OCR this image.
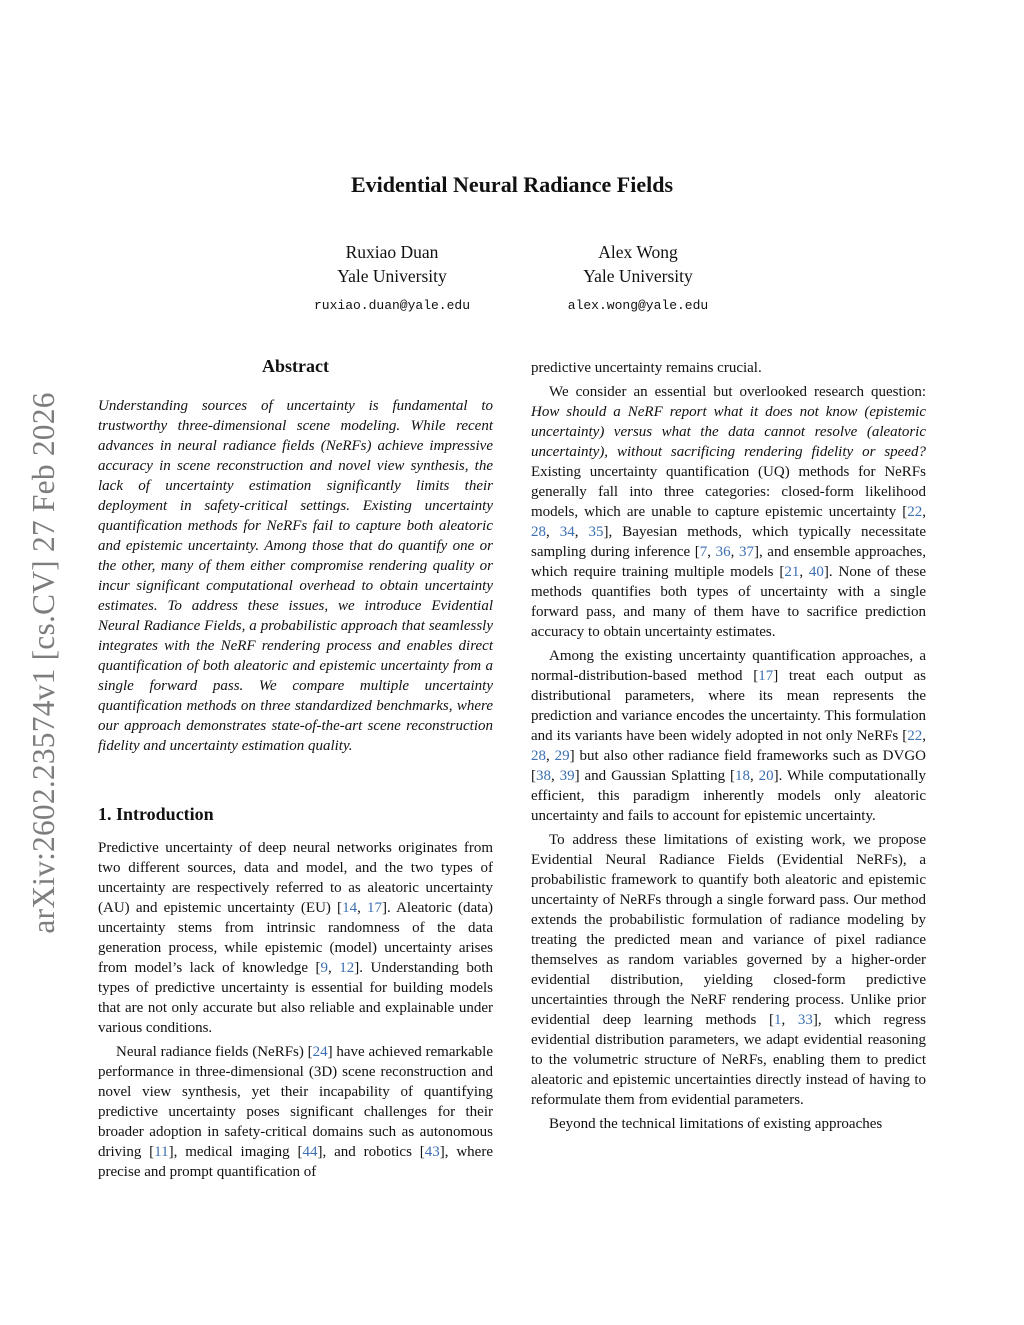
arXiv:2602.23574v1 [cs.CV] 27 Feb 2026
Evidential Neural Radiance Fields
Ruxiao Duan
Yale University
ruxiao.duan@yale.edu
Alex Wong
Yale University
alex.wong@yale.edu
Abstract

Understanding sources of uncertainty is fundamental to trustworthy three-dimensional scene modeling. While recent advances in neural radiance fields (NeRFs) achieve impressive accuracy in scene reconstruction and novel view synthesis, the lack of uncertainty estimation significantly limits their deployment in safety-critical settings. Existing uncertainty quantification methods for NeRFs fail to capture both aleatoric and epistemic uncertainty. Among those that do quantify one or the other, many of them either compromise rendering quality or incur significant computational overhead to obtain uncertainty estimates. To address these issues, we introduce Evidential Neural Radiance Fields, a probabilistic approach that seamlessly integrates with the NeRF rendering process and enables direct quantification of both aleatoric and epistemic uncertainty from a single forward pass. We compare multiple uncertainty quantification methods on three standardized benchmarks, where our approach demonstrates state-of-the-art scene reconstruction fidelity and uncertainty estimation quality.

1. Introduction

Predictive uncertainty of deep neural networks originates from two different sources, data and model, and the two types of uncertainty are respectively referred to as aleatoric uncertainty (AU) and epistemic uncertainty (EU) [14, 17]. Aleatoric (data) uncertainty stems from intrinsic randomness of the data generation process, while epistemic (model) uncertainty arises from model’s lack of knowledge [9, 12]. Understanding both types of predictive uncertainty is essential for building models that are not only accurate but also reliable and explainable under various conditions.

Neural radiance fields (NeRFs) [24] have achieved remarkable performance in three-dimensional (3D) scene reconstruction and novel view synthesis, yet their incapability of quantifying predictive uncertainty poses significant challenges for their broader adoption in safety-critical domains such as autonomous driving [11], medical imaging [44], and robotics [43], where precise and prompt quantification of

predictive uncertainty remains crucial.

We consider an essential but overlooked research question: How should a NeRF report what it does not know (epistemic uncertainty) versus what the data cannot resolve (aleatoric uncertainty), without sacrificing rendering fidelity or speed? Existing uncertainty quantification (UQ) methods for NeRFs generally fall into three categories: closed-form likelihood models, which are unable to capture epistemic uncertainty [22, 28, 34, 35], Bayesian methods, which typically necessitate sampling during inference [7, 36, 37], and ensemble approaches, which require training multiple models [21, 40]. None of these methods quantifies both types of uncertainty with a single forward pass, and many of them have to sacrifice prediction accuracy to obtain uncertainty estimates.

Among the existing uncertainty quantification approaches, a normal-distribution-based method [17] treat each output as distributional parameters, where its mean represents the prediction and variance encodes the uncertainty. This formulation and its variants have been widely adopted in not only NeRFs [22, 28, 29] but also other radiance field frameworks such as DVGO [38, 39] and Gaussian Splatting [18, 20]. While computationally efficient, this paradigm inherently models only aleatoric uncertainty and fails to account for epistemic uncertainty.

To address these limitations of existing work, we propose Evidential Neural Radiance Fields (Evidential NeRFs), a probabilistic framework to quantify both aleatoric and epistemic uncertainty of NeRFs through a single forward pass. Our method extends the probabilistic formulation of radiance modeling by treating the predicted mean and variance of pixel radiance themselves as random variables governed by a higher-order evidential distribution, yielding closed-form predictive uncertainties through the NeRF rendering process. Unlike prior evidential deep learning methods [1, 33], which regress evidential distribution parameters, we adapt evidential reasoning to the volumetric structure of NeRFs, enabling them to predict aleatoric and epistemic uncertainties directly instead of having to reformulate them from evidential parameters.

Beyond the technical limitations of existing approaches
